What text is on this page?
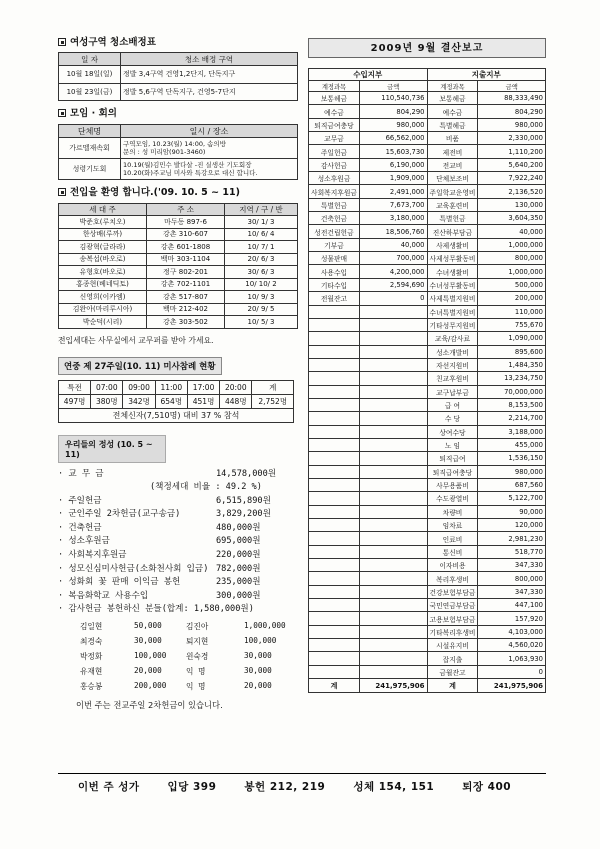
여성구역 청소배정표
일 자	청소 배정 구역
10월 18일(일)	정발 3,4구역 건영1,2단지, 단독지구
10월 23일(금)	정발 5,6구역 단독지구, 건영5-7단지
모임 · 회의
단체명	일시 / 장소
가르멜재속회	구역모임, 10.23(월) 14:00, 솜의방
문의 : 성 미리암(901-3460)
성령기도회	10.19(월)김민수 발다살 -진 실생산 기도회장
10.20(화)주교님 미사와 특강으로 대신 합니다.
전입을 환영 합니다.('09. 10. 5 ~ 11)
세 대 주	주 소	지역 / 구 / 반
박준호(루치오)	마두동 897-6	30/ 1/ 3
한상배(루까)	강촌 310-607	10/ 6/ 4
김광혁(글라라)	강촌 601-1808	10/ 7/ 1
송복섭(바오로)	백마 303-1104	20/ 6/ 3
유형호(바오로)	정구 802-201	30/ 6/ 3
홍종현(베네딕토)	강촌 702-1101	10/ 10/ 2
신영희(이카엠)	강촌 517-807	10/ 9/ 3
김완아(마리루시아)	백마 212-402	20/ 9/ 5
박순덕(시리)	강촌 303-502	10/ 5/ 3
전입세대는 사무실에서 교무퍼를 받아 가세요.
연중 제 27주일(10. 11) 미사참례 현황
특전	07:00	09:00	11:00	17:00	20:00	계
497명	380명	342명	654명	451명	448명	2,752명
전체신자(7,510명) 대비 37 % 참석						
우리들의 정성 (10. 5 ~ 11)
· 교 무 금	14,578,000원
(책정세대 비율 : 49.2 %)
· 주일헌금	6,515,890원
· 군인주일 2차헌금(교구송금)	3,829,200원
· 건축헌금	480,000원
· 성소후원금	695,000원
· 사회복지후원금	220,000원
· 성모신심미사헌금(소화천사회 입금) 782,000원
· 성화회 꽃 판매 이익금 봉헌	235,000원
· 복음화학교 사용수입	300,000원
· 감사헌금 봉헌하신 분들(합계: 1,580,000원)
김일현	50,000	김진아	1,000,000
최경숙	30,000	퇴지현	100,000
박정화	100,000	윈숙경	30,000
유재현	20,000	익 명	30,000
홍승봉	200,000	익 명	20,000
이번 주는 전교주일 2차헌금이 있습니다.
이번 주 성가	입당 399	봉헌 212, 219	성체 154, 151	퇴장 400
2009년 9월 결산보고
수입지부		지출지부	
계정과목	금액	계정과목	금액
보통헤금	110,540,736	보통헤금	88,333,490
예수금	804,290	예수금	804,290
퇴직금여충당	980,000	특별헤금	980,000
교무금	66,562,000	비품	2,330,000
주일헌금	15,603,730	제전비	1,110,200
감사헌금	6,190,000	전교비	5,640,200
성소후원금	1,909,000	단체보조비	7,922,240
사회복지후원금	2,491,000	주일학교운영비	2,136,520
특별헌금	7,673,700	교육훈련비	130,000
건축헌금	3,180,000	특별헌금	3,604,350
성전건립헌금	18,506,760	진산하부담금	40,000
기부금	40,000	사제생활비	1,000,000
성물판매	700,000	사제성무활동비	800,000
사용수입	4,200,000	수녀생활비	1,000,000
기타수입	2,594,690	수녀성무활동비	500,000
전월잔고	0	사제특별지원비	200,000
		수녀특별지원비	110,000
		기타성무지원비	755,670
		교육/감사료	1,090,000
		성소개발비	895,600
		자선지원비	1,484,350
		친교후원비	13,234,750
		교구납부금	70,000,000
		급 여	8,153,500
		수 당	2,214,700
		상여수당	3,188,000
		노 임	455,000
		퇴직급여	1,536,150
		퇴직급여충당	980,000
		사무용품비	687,560
		수도광열비	5,122,700
		차량비	90,000
		임차료	120,000
		인료비	2,981,230
		통신비	518,770
		이자비용	347,330
		복리후생비	800,000
		건강보험부담금	347,330
		국민연금부담금	447,100
		고용보험부담금	157,920
		기타복리후생비	4,103,000
		시설유지비	4,560,020
		잡지출	1,063,930
		금월잔고	0
계	241,975,906	계	241,975,906
